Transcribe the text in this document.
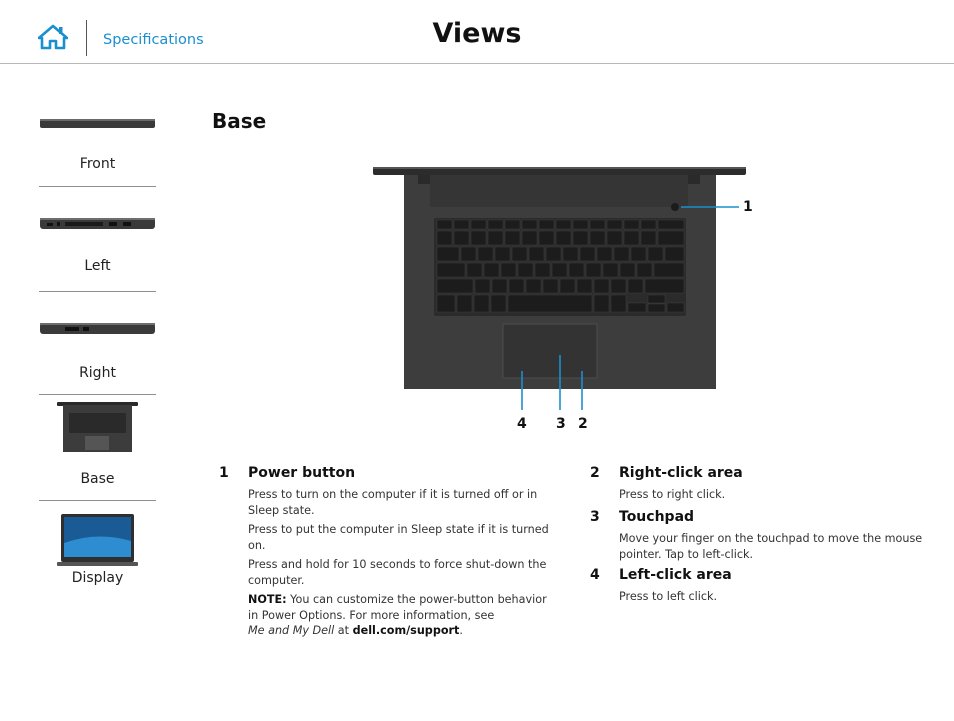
Specifications	Views
Front
Left
Right
Base
Display
Base
1
4 3 2
1 Power button

Press to turn on the computer if it is turned off or in Sleep state.

Press to put the computer in Sleep state if it is turned on.

Press and hold for 10 seconds to force shut-down the computer.

NOTE: You can customize the power-button behavior in Power Options. For more information, see
Me and My Dell at dell.com/support.

2 Right-click area
Press to right click.
3 Touchpad
Move your finger on the touchpad to move the mouse pointer. Tap to left-click.
4 Left-click area
Press to left click.
